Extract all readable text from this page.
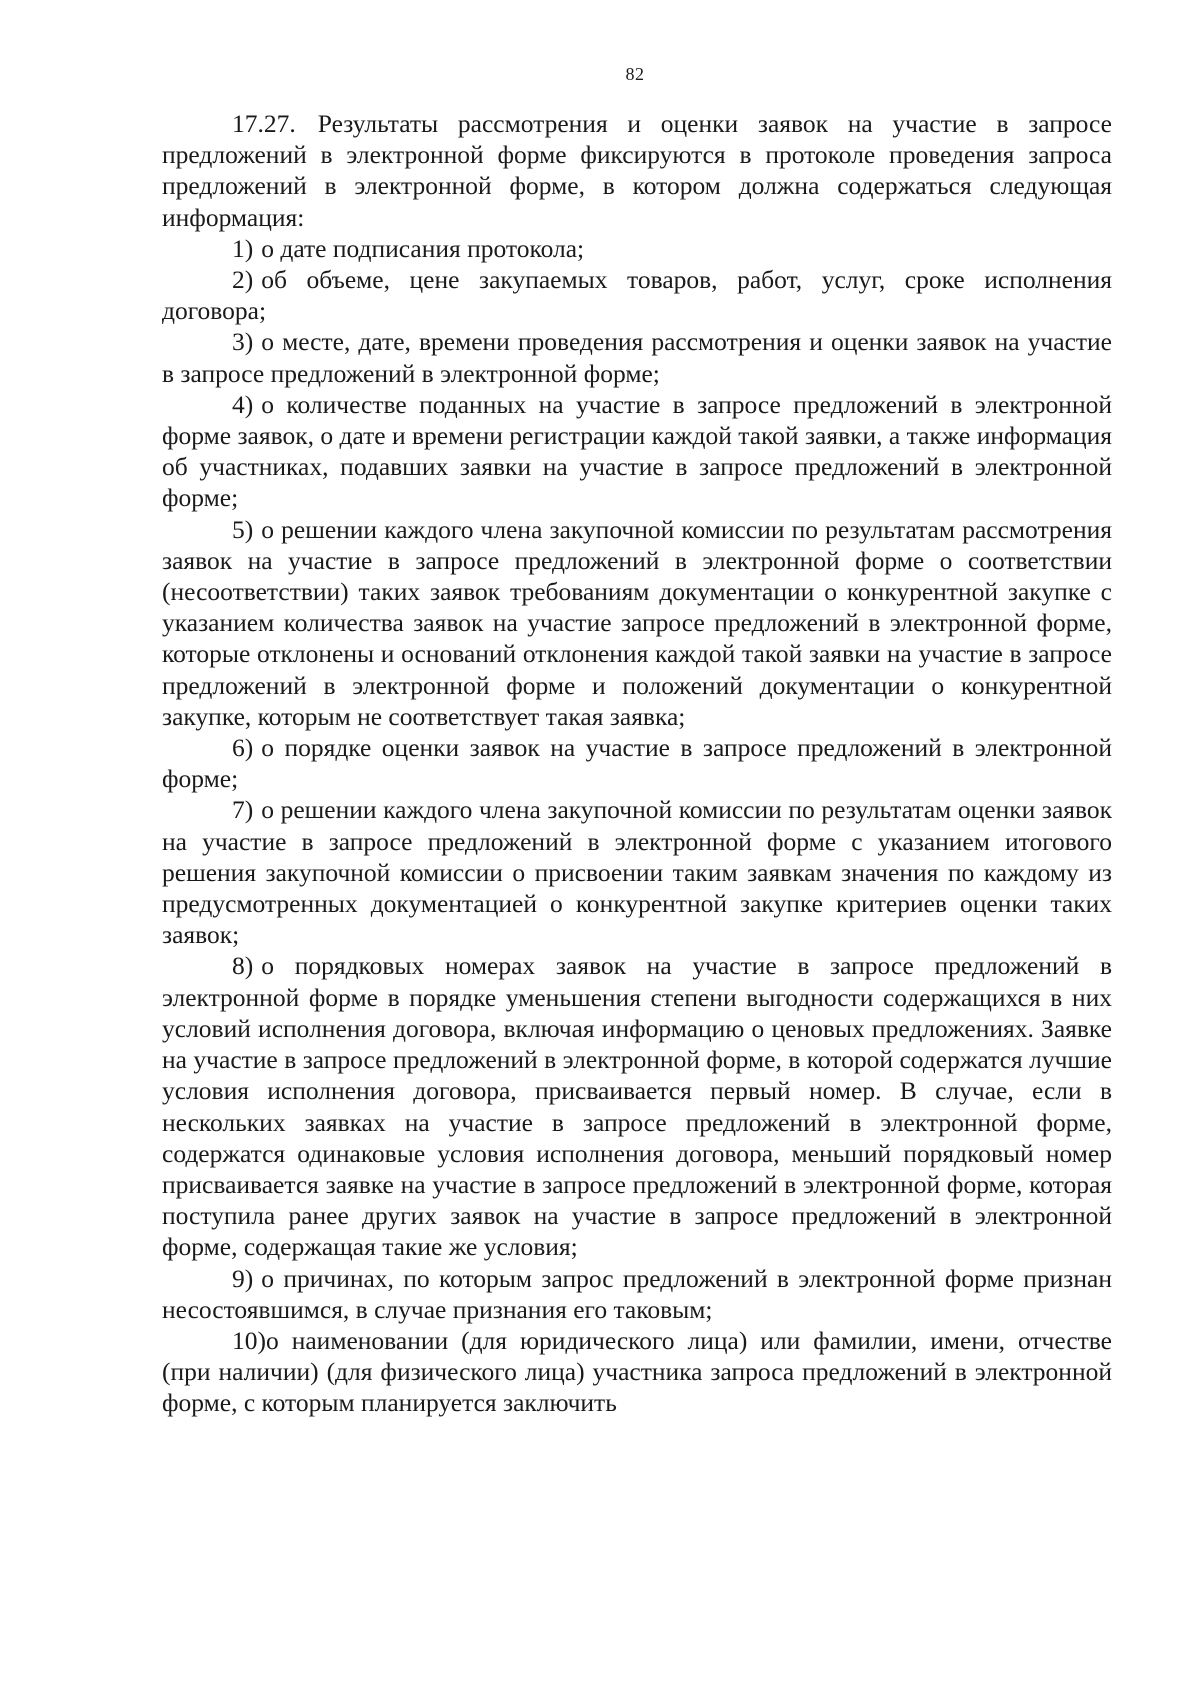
82

17.27. Результаты рассмотрения и оценки заявок на участие в запросе предложений в электронной форме фиксируются в протоколе проведения запроса предложений в электронной форме, в котором должна содержаться следующая информация:

1) о дате подписания протокола;

2) об объеме, цене закупаемых товаров, работ, услуг, сроке исполнения договора;

3) о месте, дате, времени проведения рассмотрения и оценки заявок на участие в запросе предложений в электронной форме;

4) о количестве поданных на участие в запросе предложений в электронной форме заявок, о дате и времени регистрации каждой такой заявки, а также информация об участниках, подавших заявки на участие в запросе предложений в электронной форме;

5) о решении каждого члена закупочной комиссии по результатам рассмотрения заявок на участие в запросе предложений в электронной форме о соответствии (несоответствии) таких заявок требованиям документации о конкурентной закупке с указанием количества заявок на участие запросе предложений в электронной форме, которые отклонены и оснований отклонения каждой такой заявки на участие в запросе предложений в электронной форме и положений документации о конкурентной закупке, которым не соответствует такая заявка;

6) о порядке оценки заявок на участие в запросе предложений в электронной форме;

7) о решении каждого члена закупочной комиссии по результатам оценки заявок на участие в запросе предложений в электронной форме с указанием итогового решения закупочной комиссии о присвоении таким заявкам значения по каждому из предусмотренных документацией о конкурентной закупке критериев оценки таких заявок;

8) о порядковых номерах заявок на участие в запросе предложений в электронной форме в порядке уменьшения степени выгодности содержащихся в них условий исполнения договора, включая информацию о ценовых предложениях. Заявке на участие в запросе предложений в электронной форме, в которой содержатся лучшие условия исполнения договора, присваивается первый номер. В случае, если в нескольких заявках на участие в запросе предложений в электронной форме, содержатся одинаковые условия исполнения договора, меньший порядковый номер присваивается заявке на участие в запросе предложений в электронной форме, которая поступила ранее других заявок на участие в запросе предложений в электронной форме, содержащая такие же условия;

9) о причинах, по которым запрос предложений в электронной форме признан несостоявшимся, в случае признания его таковым;

10)о наименовании (для юридического лица) или фамилии, имени, отчестве (при наличии) (для физического лица) участника запроса предложений в электронной форме, с которым планируется заключить
